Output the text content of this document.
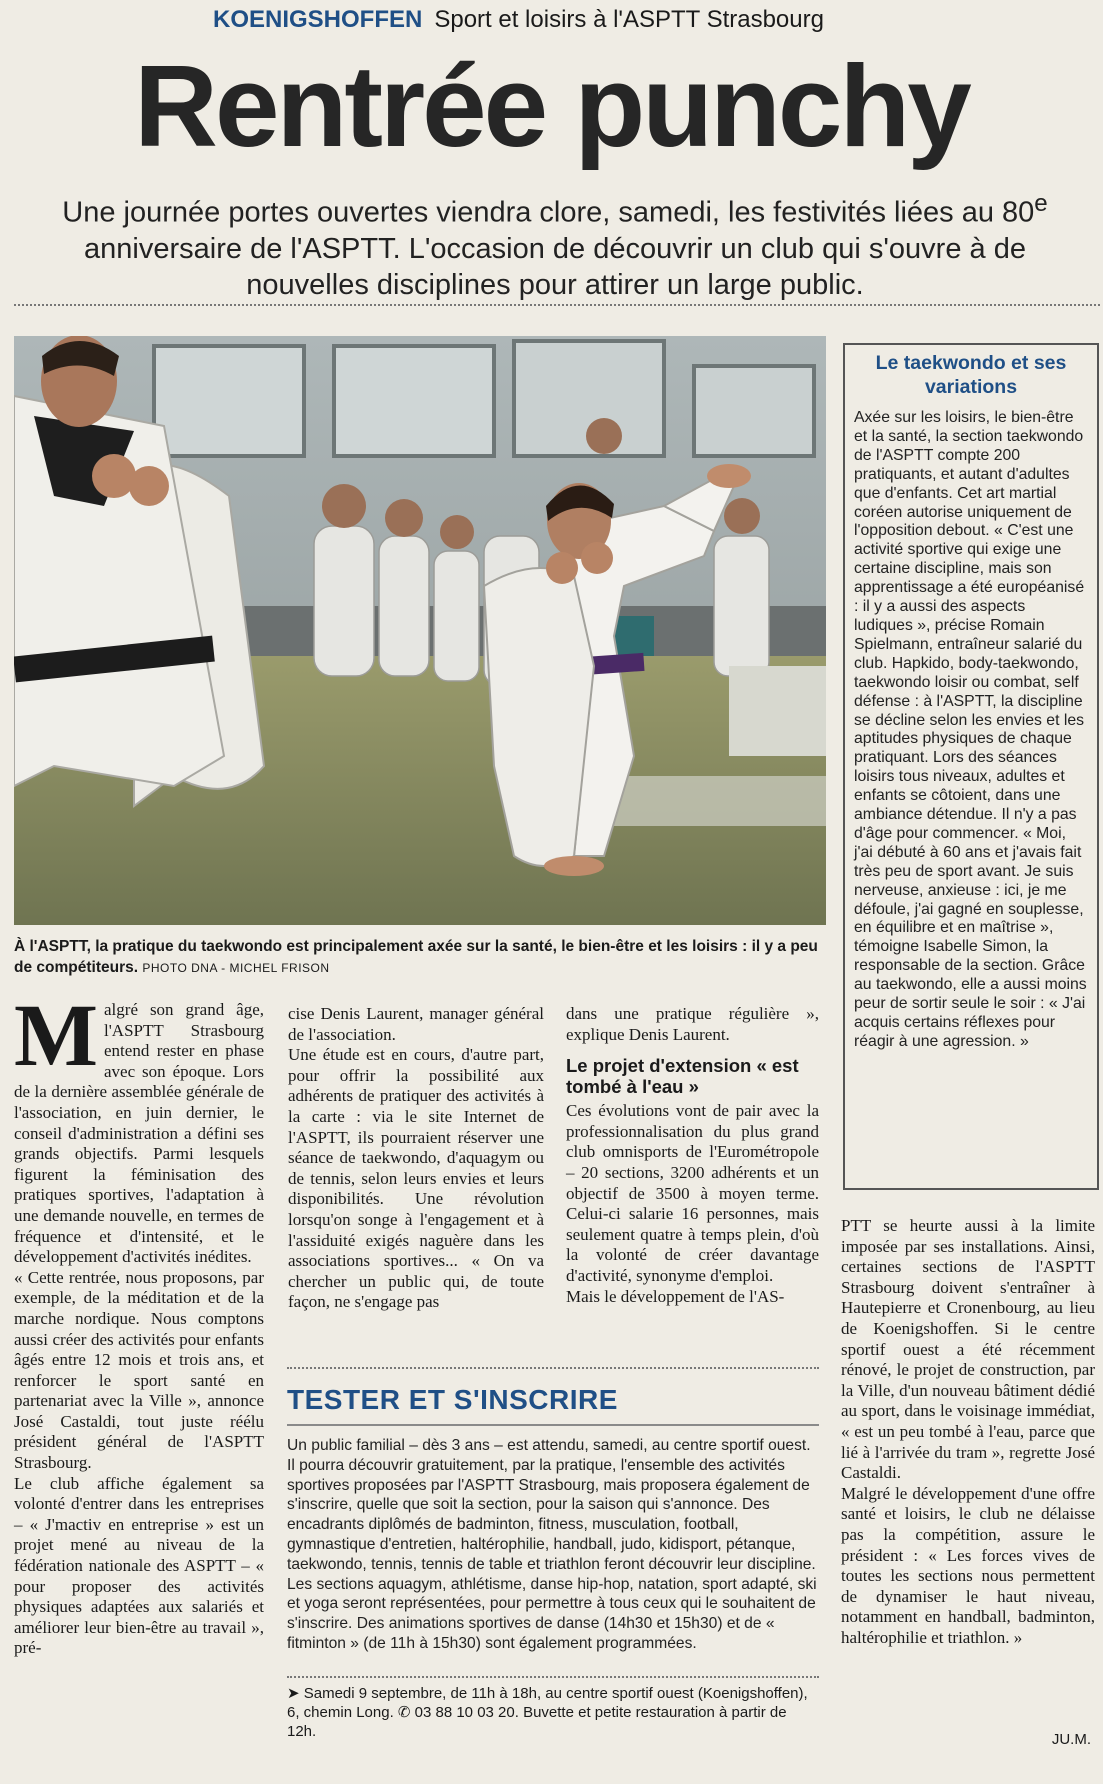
KOENIGSHOFFEN Sport et loisirs à l'ASPTT Strasbourg
Rentrée punchy
Une journée portes ouvertes viendra clore, samedi, les festivités liées au 80e anniversaire de l'ASPTT. L'occasion de découvrir un club qui s'ouvre à de nouvelles disciplines pour attirer un large public.
À l'ASPTT, la pratique du taekwondo est principalement axée sur la santé, le bien-être et les loisirs : il y a peu de compétiteurs. PHOTO DNA - MICHEL FRISON
Le taekwondo et ses variations

Axée sur les loisirs, le bien-être et la santé, la section taekwondo de l'ASPTT compte 200 pratiquants, et autant d'adultes que d'enfants. Cet art martial coréen autorise uniquement de l'opposition debout. « C'est une activité sportive qui exige une certaine discipline, mais son apprentissage a été européanisé : il y a aussi des aspects ludiques », précise Romain Spielmann, entraîneur salarié du club. Hapkido, body-taekwondo, taekwondo loisir ou combat, self défense : à l'ASPTT, la discipline se décline selon les envies et les aptitudes physiques de chaque pratiquant. Lors des séances loisirs tous niveaux, adultes et enfants se côtoient, dans une ambiance détendue. Il n'y a pas d'âge pour commencer. « Moi, j'ai débuté à 60 ans et j'avais fait très peu de sport avant. Je suis nerveuse, anxieuse : ici, je me défoule, j'ai gagné en souplesse, en équilibre et en maîtrise », témoigne Isabelle Simon, la responsable de la section. Grâce au taekwondo, elle a aussi moins peur de sortir seule le soir : « J'ai acquis certains réflexes pour réagir à une agression. »

Malgré son grand âge, l'ASPTT Strasbourg entend rester en phase avec son époque. Lors de la dernière assemblée générale de l'association, en juin dernier, le conseil d'administration a défini ses grands objectifs. Parmi lesquels figurent la féminisation des pratiques sportives, l'adaptation à une demande nouvelle, en termes de fréquence et d'intensité, et le développement d'activités inédites.

« Cette rentrée, nous proposons, par exemple, de la méditation et de la marche nordique. Nous comptons aussi créer des activités pour enfants âgés entre 12 mois et trois ans, et renforcer le sport santé en partenariat avec la Ville », annonce José Castaldi, tout juste réélu président général de l'ASPTT Strasbourg.

Le club affiche également sa volonté d'entrer dans les entreprises – « J'mactiv en entreprise » est un projet mené au niveau de la fédération nationale des ASPTT – « pour proposer des activités physiques adaptées aux salariés et améliorer leur bien-être au travail », pré-

cise Denis Laurent, manager général de l'association.

Une étude est en cours, d'autre part, pour offrir la possibilité aux adhérents de pratiquer des activités à la carte : via le site Internet de l'ASPTT, ils pourraient réserver une séance de taekwondo, d'aquagym ou de tennis, selon leurs envies et leurs disponibilités. Une révolution lorsqu'on songe à l'engagement et à l'assiduité exigés naguère dans les associations sportives... « On va chercher un public qui, de toute façon, ne s'engage pas

dans une pratique régulière », explique Denis Laurent.

Le projet d'extension « est tombé à l'eau »

Ces évolutions vont de pair avec la professionnalisation du plus grand club omnisports de l'Eurométropole – 20 sections, 3200 adhérents et un objectif de 3500 à moyen terme. Celui-ci salarie 16 personnes, mais seulement quatre à temps plein, d'où la volonté de créer davantage d'activité, synonyme d'emploi.

Mais le développement de l'AS-

PTT se heurte aussi à la limite imposée par ses installations. Ainsi, certaines sections de l'ASPTT Strasbourg doivent s'entraîner à Hautepierre et Cronenbourg, au lieu de Koenigshoffen. Si le centre sportif ouest a été récemment rénové, le projet de construction, par la Ville, d'un nouveau bâtiment dédié au sport, dans le voisinage immédiat, « est un peu tombé à l'eau, parce que lié à l'arrivée du tram », regrette José Castaldi.

Malgré le développement d'une offre santé et loisirs, le club ne délaisse pas la compétition, assure le président : « Les forces vives de toutes les sections nous permettent de dynamiser le haut niveau, notamment en handball, badminton, haltérophilie et triathlon. »

TESTER ET S'INSCRIRE
Un public familial – dès 3 ans – est attendu, samedi, au centre sportif ouest. Il pourra découvrir gratuitement, par la pratique, l'ensemble des activités sportives proposées par l'ASPTT Strasbourg, mais proposera également de s'inscrire, quelle que soit la section, pour la saison qui s'annonce. Des encadrants diplômés de badminton, fitness, musculation, football, gymnastique d'entretien, haltérophilie, handball, judo, kidisport, pétanque, taekwondo, tennis, tennis de table et triathlon feront découvrir leur discipline. Les sections aquagym, athlétisme, danse hip-hop, natation, sport adapté, ski et yoga seront représentées, pour permettre à tous ceux qui le souhaitent de s'inscrire. Des animations sportives de danse (14h30 et 15h30) et de « fitminton » (de 11h à 15h30) sont également programmées.
➤ Samedi 9 septembre, de 11h à 18h, au centre sportif ouest (Koenigshoffen), 6, chemin Long. ✆ 03 88 10 03 20. Buvette et petite restauration à partir de 12h.	JU.M.
